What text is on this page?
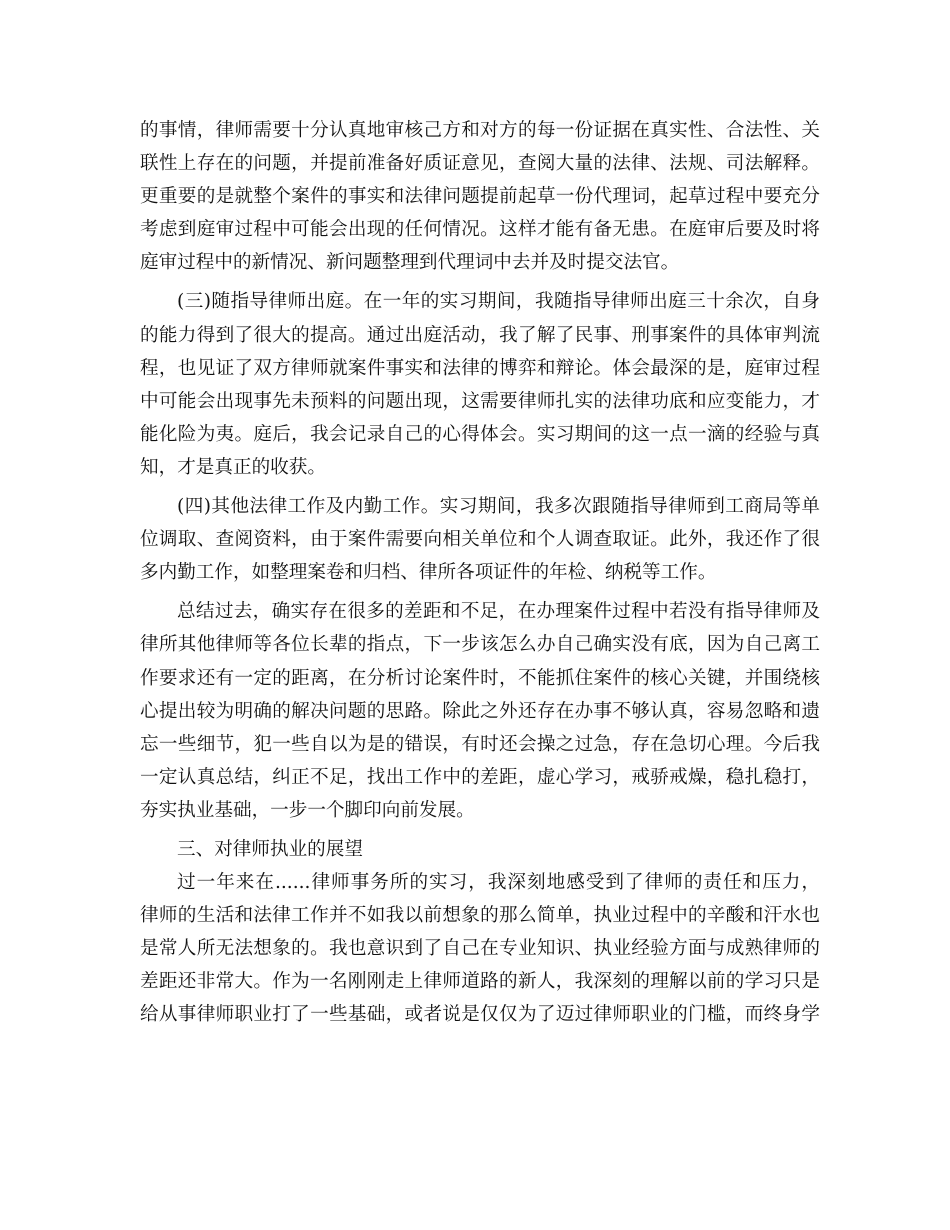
的事情，律师需要十分认真地审核己方和对方的每一份证据在真实性、合法性、关
联性上存在的问题，并提前准备好质证意见，查阅大量的法律、法规、司法解释。
更重要的是就整个案件的事实和法律问题提前起草一份代理词，起草过程中要充分
考虑到庭审过程中可能会出现的任何情况。这样才能有备无患。在庭审后要及时将
庭审过程中的新情况、新问题整理到代理词中去并及时提交法官。
(三)随指导律师出庭。在一年的实习期间，我随指导律师出庭三十余次，自身
的能力得到了很大的提高。通过出庭活动，我了解了民事、刑事案件的具体审判流
程，也见证了双方律师就案件事实和法律的博弈和辩论。体会最深的是，庭审过程
中可能会出现事先未预料的问题出现，这需要律师扎实的法律功底和应变能力，才
能化险为夷。庭后，我会记录自己的心得体会。实习期间的这一点一滴的经验与真
知，才是真正的收获。
(四)其他法律工作及内勤工作。实习期间，我多次跟随指导律师到工商局等单
位调取、查阅资料，由于案件需要向相关单位和个人调查取证。此外，我还作了很
多内勤工作，如整理案卷和归档、律所各项证件的年检、纳税等工作。
总结过去，确实存在很多的差距和不足，在办理案件过程中若没有指导律师及
律所其他律师等各位长辈的指点，下一步该怎么办自己确实没有底，因为自己离工
作要求还有一定的距离，在分析讨论案件时，不能抓住案件的核心关键，并围绕核
心提出较为明确的解决问题的思路。除此之外还存在办事不够认真，容易忽略和遗
忘一些细节，犯一些自以为是的错误，有时还会操之过急，存在急切心理。今后我
一定认真总结，纠正不足，找出工作中的差距，虚心学习，戒骄戒燥，稳扎稳打，
夯实执业基础，一步一个脚印向前发展。
三、对律师执业的展望
过一年来在......律师事务所的实习，我深刻地感受到了律师的责任和压力，
律师的生活和法律工作并不如我以前想象的那么简单，执业过程中的辛酸和汗水也
是常人所无法想象的。我也意识到了自己在专业知识、执业经验方面与成熟律师的
差距还非常大。作为一名刚刚走上律师道路的新人，我深刻的理解以前的学习只是
给从事律师职业打了一些基础，或者说是仅仅为了迈过律师职业的门槛，而终身学
